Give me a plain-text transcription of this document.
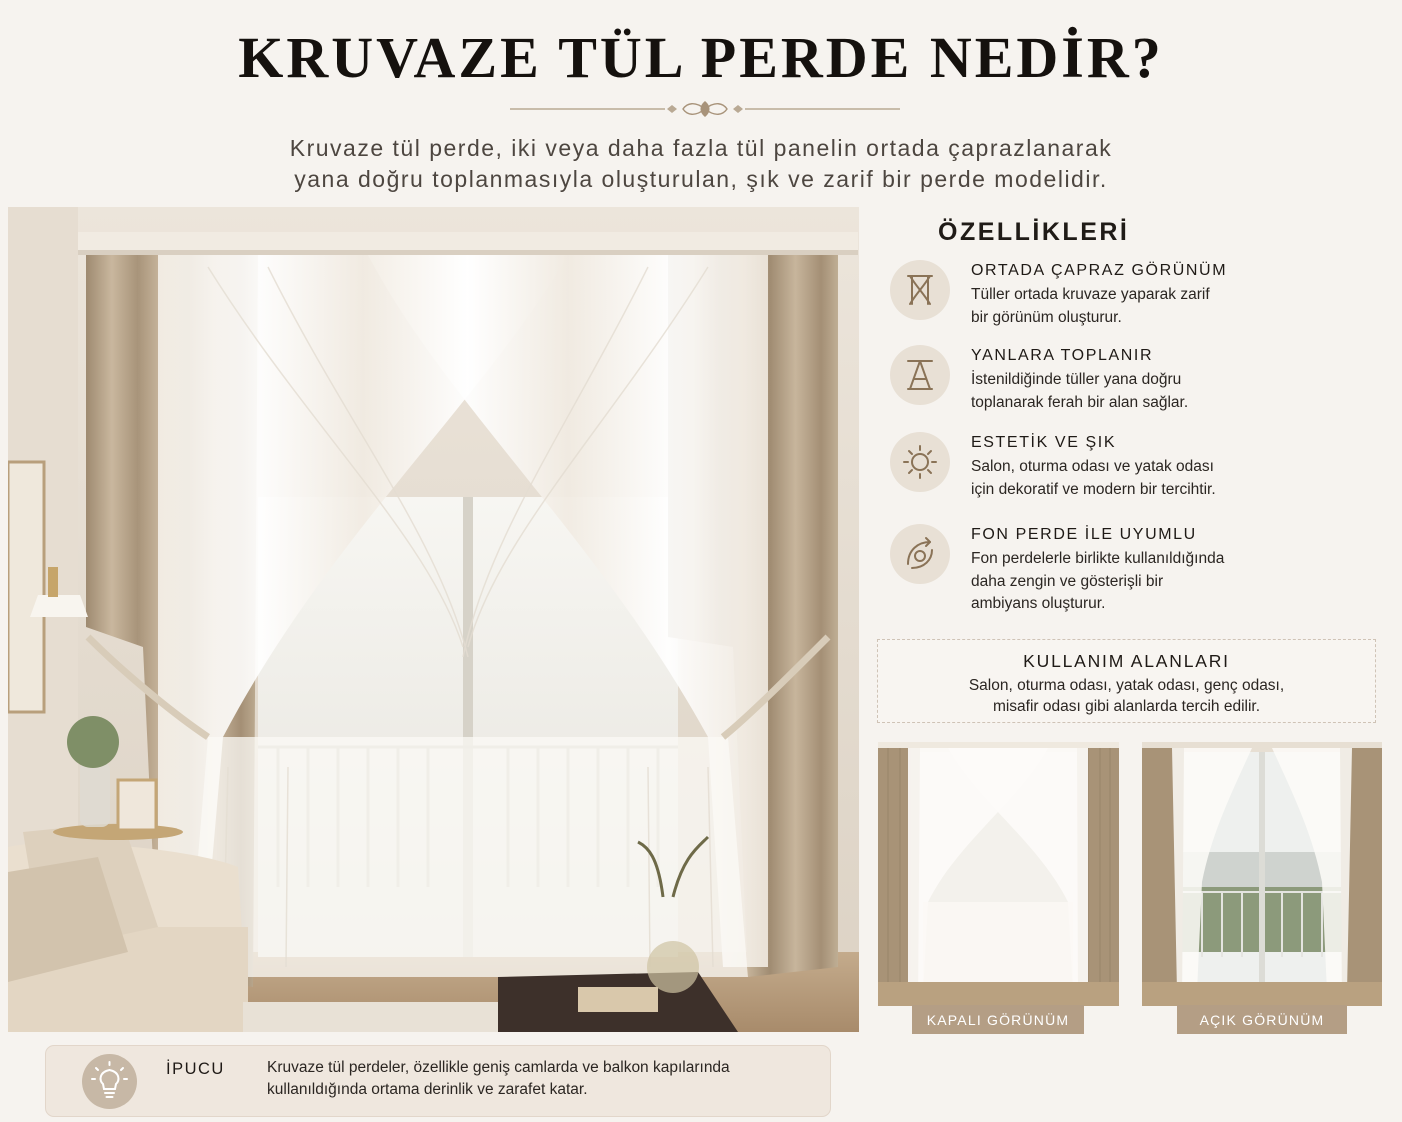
KRUVAZE TÜL PERDE NEDİR?

Kruvaze tül perde, iki veya daha fazla tül panelin ortada çaprazlanarak
yana doğru toplanmasıyla oluşturulan, şık ve zarif bir perde modelidir.

ÖZELLİKLERİ
ORTADA ÇAPRAZ GÖRÜNÜM
Tüller ortada kruvaze yaparak zarif
bir görünüm oluşturur.
YANLARA TOPLANIR
İstenildiğinde tüller yana doğru
toplanarak ferah bir alan sağlar.
ESTETİK VE ŞIK
Salon, oturma odası ve yatak odası
için dekoratif ve modern bir tercihtir.
FON PERDE İLE UYUMLU
Fon perdelerle birlikte kullanıldığında
daha zengin ve gösterişli bir
ambiyans oluşturur.
KULLANIM ALANLARI
Salon, oturma odası, yatak odası, genç odası,
misafir odası gibi alanlarda tercih edilir.
KAPALI GÖRÜNÜM	AÇIK GÖRÜNÜM
İPUCU	Kruvaze tül perdeler, özellikle geniş camlarda ve balkon kapılarında
kullanıldığında ortama derinlik ve zarafet katar.
